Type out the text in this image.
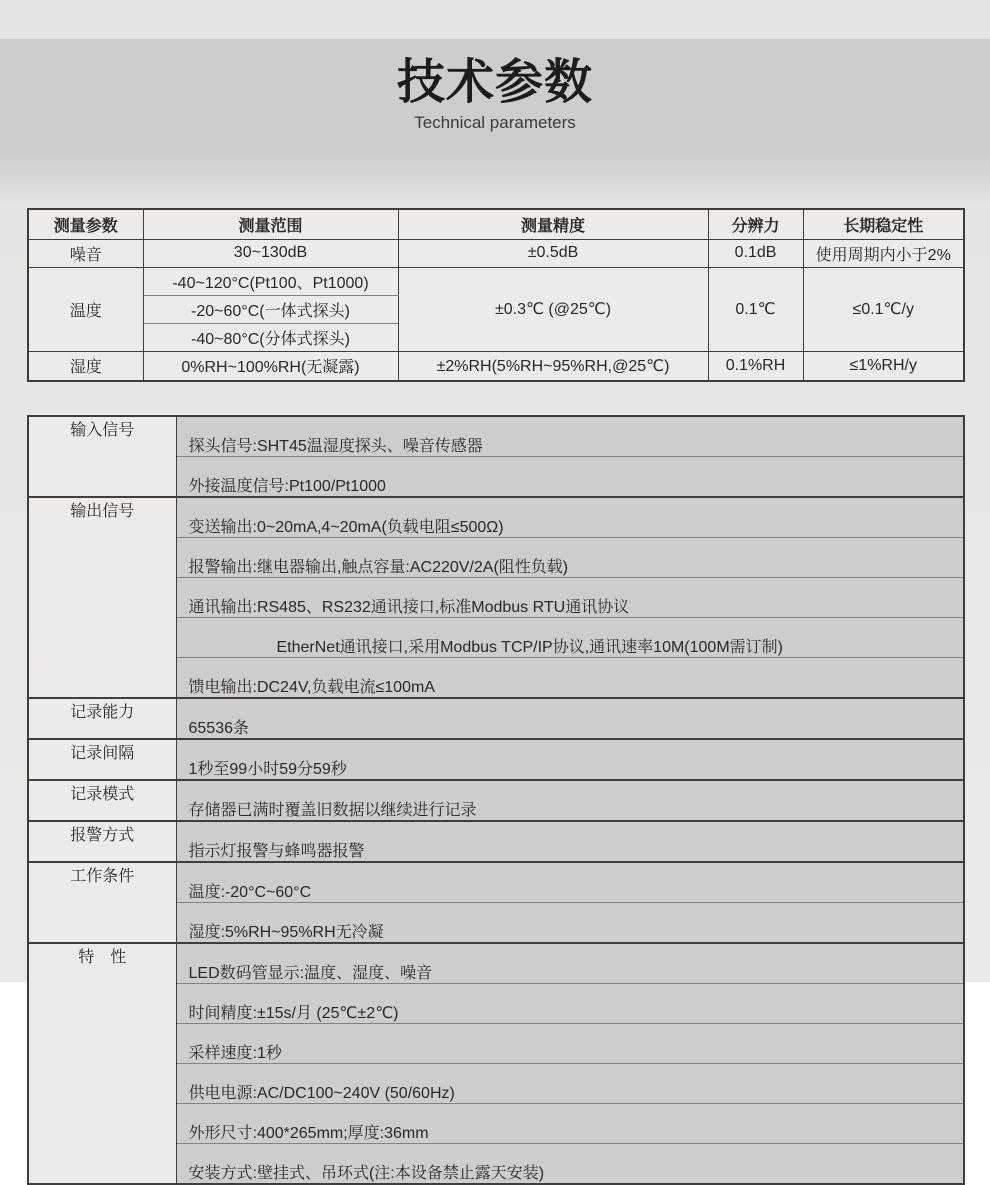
技术参数
Technical parameters
测量参数	测量范围	测量精度	分辨力	长期稳定性
噪音	30~130dB	±0.5dB	0.1dB	使用周期内小于2%
温度	-40~120°C(Pt100、Pt1000)	±0.3℃ (@25℃)	0.1℃	≤0.1℃/y
	-20~60°C(一体式探头)			
	-40~80°C(分体式探头)			
湿度	0%RH~100%RH(无凝露)	±2%RH(5%RH~95%RH,@25℃)	0.1%RH	≤1%RH/y
输入信号	探头信号:SHT45温湿度探头、噪音传感器
	外接温度信号:Pt100/Pt1000
输出信号	变送输出:0~20mA,4~20mA(负载电阻≤500Ω)
	报警输出:继电器输出,触点容量:AC220V/2A(阻性负载)
	通讯输出:RS485、RS232通讯接口,标准Modbus RTU通讯协议
	EtherNet通讯接口,采用Modbus TCP/IP协议,通讯速率10M(100M需订制)
	馈电输出:DC24V,负载电流≤100mA
记录能力	65536条
记录间隔	1秒至99小时59分59秒
记录模式	存储器已满时覆盖旧数据以继续进行记录
报警方式	指示灯报警与蜂鸣器报警
工作条件	温度:-20°C~60°C
	湿度:5%RH~95%RH无冷凝
特　性	LED数码管显示:温度、湿度、噪音
	时间精度:±15s/月 (25℃±2℃)
	采样速度:1秒
	供电电源:AC/DC100~240V (50/60Hz)
	外形尺寸:400*265mm;厚度:36mm
	安装方式:壁挂式、吊环式(注:本设备禁止露天安装)
